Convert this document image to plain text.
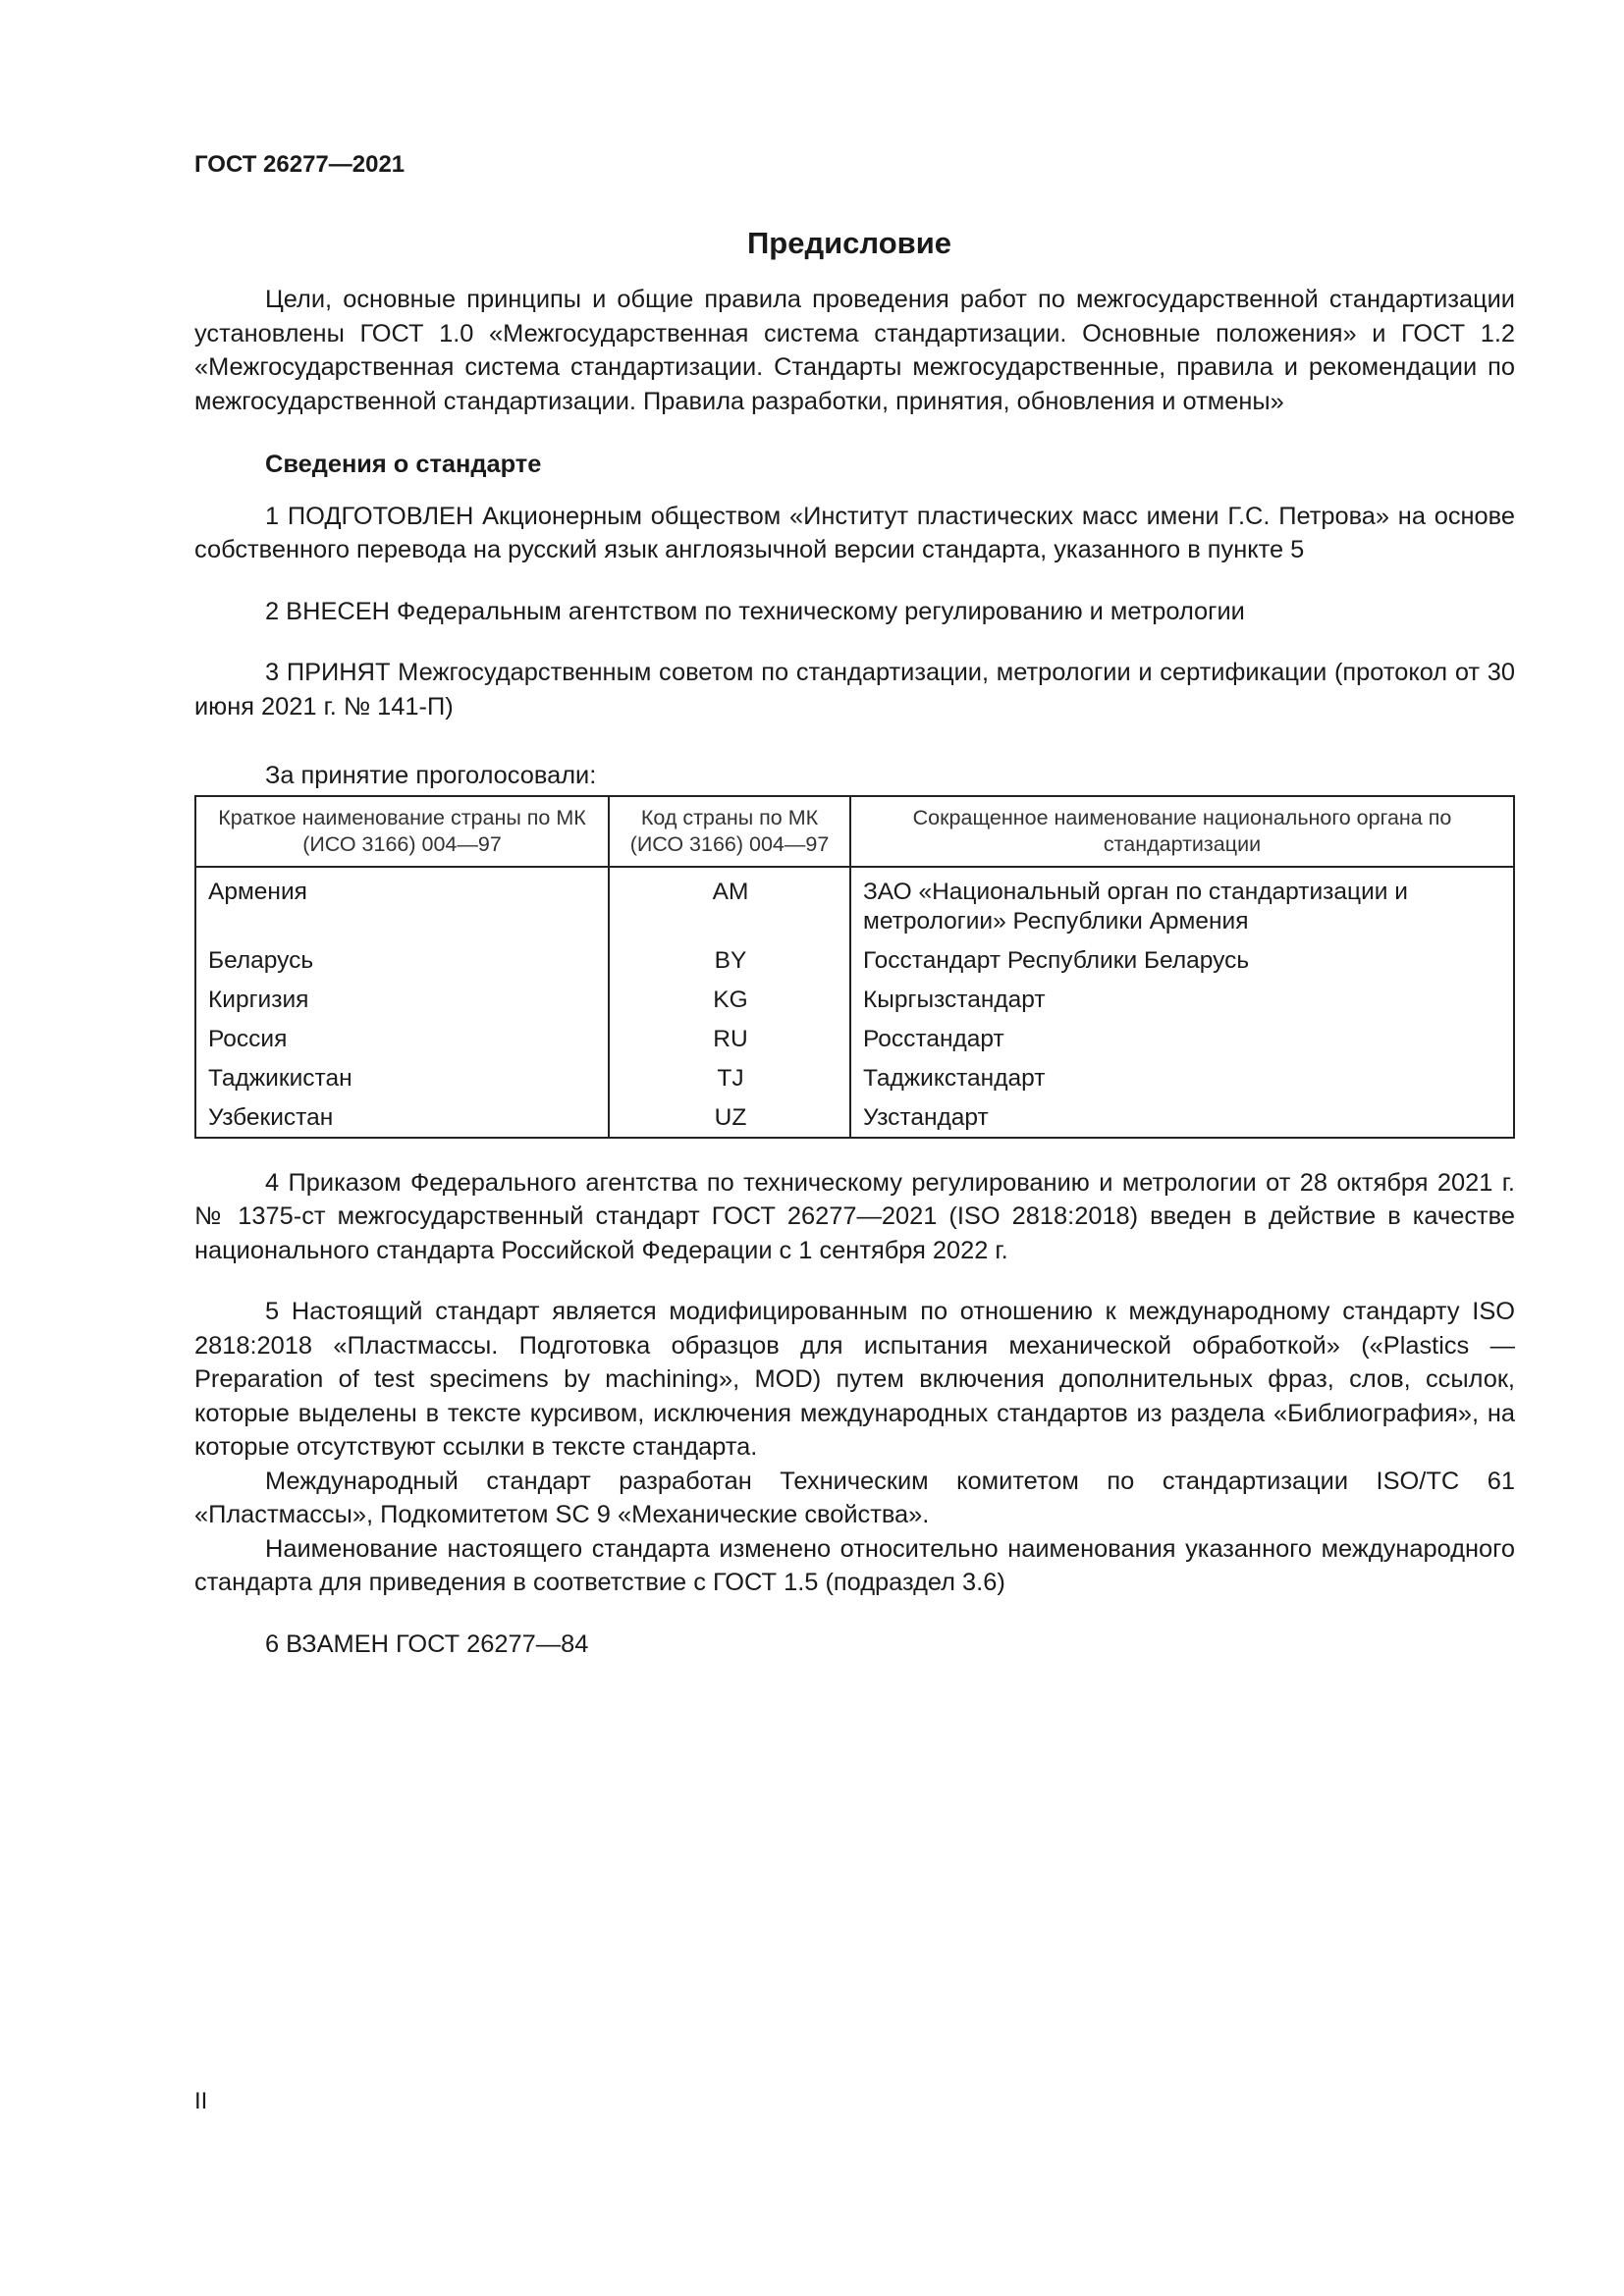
ГОСТ 26277—2021
Предисловие

Цели, основные принципы и общие правила проведения работ по межгосударственной стандартизации установлены ГОСТ 1.0 «Межгосударственная система стандартизации. Основные положения» и ГОСТ 1.2 «Межгосударственная система стандартизации. Стандарты межгосударственные, правила и рекомендации по межгосударственной стандартизации. Правила разработки, принятия, обновления и отмены»

Сведения о стандарте

1 ПОДГОТОВЛЕН Акционерным обществом «Институт пластических масс имени Г.С. Петрова» на основе собственного перевода на русский язык англоязычной версии стандарта, указанного в пункте 5

2 ВНЕСЕН Федеральным агентством по техническому регулированию и метрологии

3 ПРИНЯТ Межгосударственным советом по стандартизации, метрологии и сертификации (протокол от 30 июня 2021 г. № 141-П)

За принятие проголосовали:

Краткое наименование страны по МК (ИСО 3166) 004—97	Код страны по МК (ИСО 3166) 004—97	Сокращенное наименование национального органа по стандартизации
Армения	AM	ЗАО «Национальный орган по стандартизации и метрологии» Республики Армения
Беларусь	BY	Госстандарт Республики Беларусь
Киргизия	KG	Кыргызстандарт
Россия	RU	Росстандарт
Таджикистан	TJ	Таджикстандарт
Узбекистан	UZ	Узстандарт

4 Приказом Федерального агентства по техническому регулированию и метрологии от 28 октября 2021 г. № 1375-ст межгосударственный стандарт ГОСТ 26277—2021 (ISO 2818:2018) введен в действие в качестве национального стандарта Российской Федерации с 1 сентября 2022 г.

5 Настоящий стандарт является модифицированным по отношению к международному стандарту ISO 2818:2018 «Пластмассы. Подготовка образцов для испытания механической обработкой» («Plastics — Preparation of test specimens by machining», MOD) путем включения дополнительных фраз, слов, ссылок, которые выделены в тексте курсивом, исключения международных стандартов из раздела «Библиография», на которые отсутствуют ссылки в тексте стандарта.

Международный стандарт разработан Техническим комитетом по стандартизации ISO/TC 61 «Пластмассы», Подкомитетом SC 9 «Механические свойства».

Наименование настоящего стандарта изменено относительно наименования указанного международного стандарта для приведения в соответствие с ГОСТ 1.5 (подраздел 3.6)

6 ВЗАМЕН ГОСТ 26277—84

II
